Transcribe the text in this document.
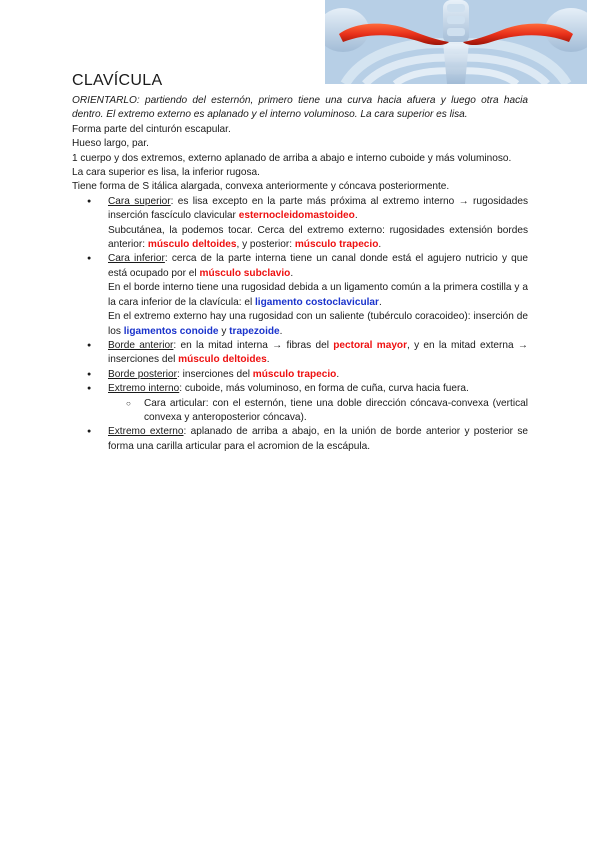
CLAVÍCULA

ORIENTARLO: partiendo del esternón, primero tiene una curva hacia afuera y luego otra hacia dentro. El extremo externo es aplanado y el interno voluminoso. La cara superior es lisa.

Forma parte del cinturón escapular.

Hueso largo, par.

1 cuerpo y dos extremos, externo aplanado de arriba a abajo e interno cuboide y más voluminoso.

La cara superior es lisa, la inferior rugosa.

Tiene forma de S itálica alargada, convexa anteriormente y cóncava posteriormente.

● Cara superior: es lisa excepto en la parte más próxima al extremo interno → rugosidades inserción fascículo clavicular esternocleidomastoideo.
Subcutánea, la podemos tocar. Cerca del extremo externo: rugosidades extensión bordes anterior: músculo deltoides, y posterior: músculo trapecio.
● Cara inferior: cerca de la parte interna tiene un canal donde está el agujero nutricio y que está ocupado por el músculo subclavio.
En el borde interno tiene una rugosidad debida a un ligamento común a la primera costilla y a la cara inferior de la clavícula: el ligamento costoclavicular.
En el extremo externo hay una rugosidad con un saliente (tubérculo coracoideo): inserción de los ligamentos conoide y trapezoide.
● Borde anterior: en la mitad interna → fibras del pectoral mayor, y en la mitad externa → inserciones del músculo deltoides.
● Borde posterior: inserciones del músculo trapecio.
● Extremo interno: cuboide, más voluminoso, en forma de cuña, curva hacia fuera.
○ Cara articular: con el esternón, tiene una doble dirección cóncava-convexa (vertical convexa y anteroposterior cóncava).
● Extremo externo: aplanado de arriba a abajo, en la unión de borde anterior y posterior se forma una carilla articular para el acromion de la escápula.
